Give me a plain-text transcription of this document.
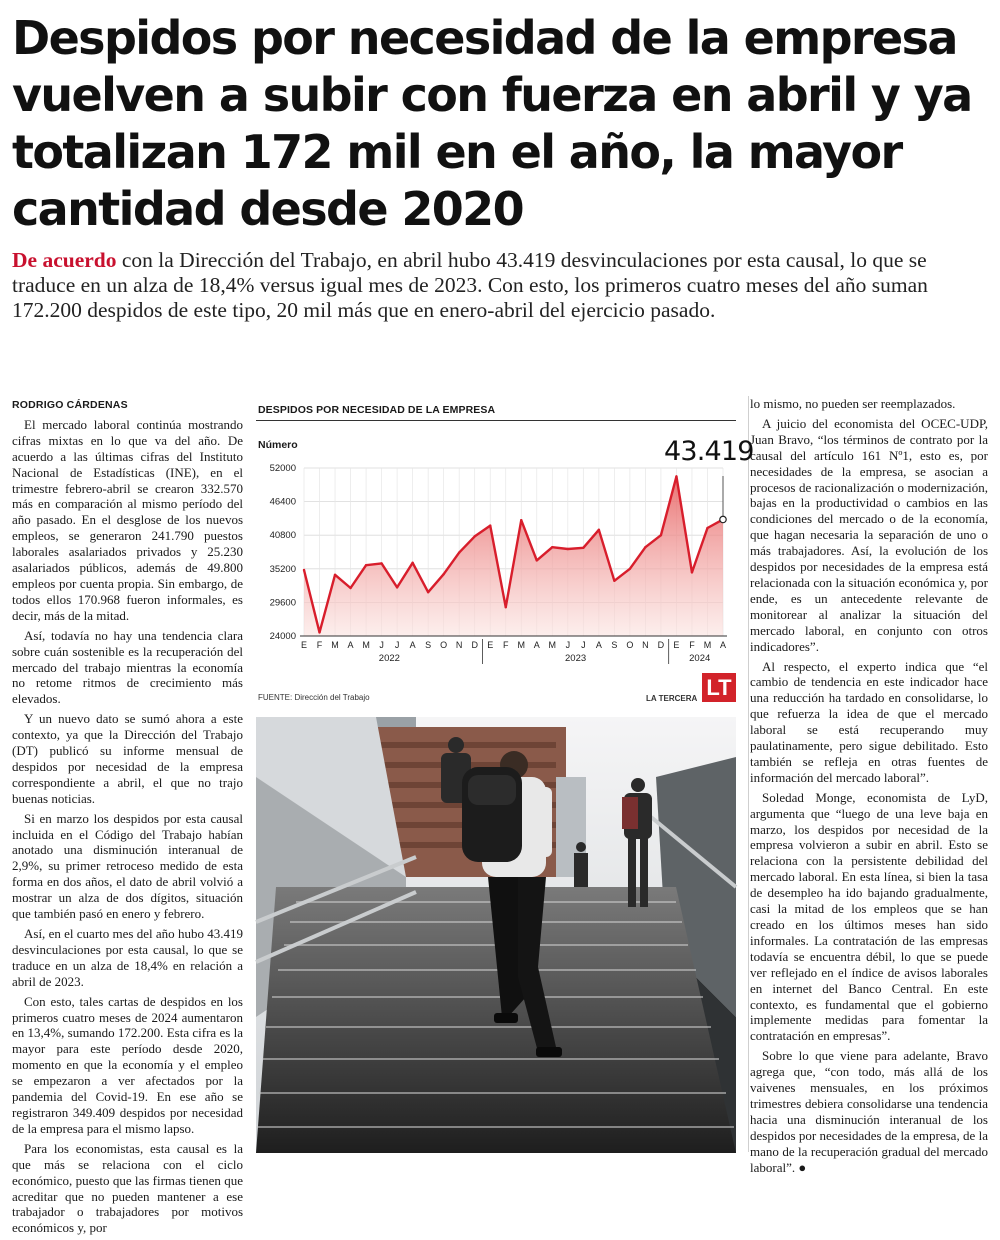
Despidos por necesidad de la empresa vuelven a subir con fuerza en abril y ya totalizan 172 mil en el año, la mayor cantidad desde 2020

De acuerdo con la Dirección del Trabajo, en abril hubo 43.419 desvinculaciones por esta causal, lo que se traduce en un alza de 18,4% versus igual mes de 2023. Con esto, los primeros cuatro meses del año suman 172.200 despidos de este tipo, 20 mil más que en enero-abril del ejercicio pasado.

RODRIGO CÁRDENAS

El mercado laboral continúa mostrando cifras mixtas en lo que va del año. De acuerdo a las últimas cifras del Instituto Nacional de Estadísticas (INE), en el trimestre febrero-abril se crearon 332.570 más en comparación al mismo período del año pasado. En el desglose de los nuevos empleos, se generaron 241.790 puestos laborales asalariados privados y 25.230 asalariados públicos, además de 49.800 empleos por cuenta propia. Sin embargo, de todos ellos 170.968 fueron informales, es decir, más de la mitad.

Así, todavía no hay una tendencia clara sobre cuán sostenible es la recuperación del mercado del trabajo mientras la economía no retome ritmos de crecimiento más elevados.

Y un nuevo dato se sumó ahora a este contexto, ya que la Dirección del Trabajo (DT) publicó su informe mensual de despidos por necesidad de la empresa correspondiente a abril, el que no trajo buenas noticias.

Si en marzo los despidos por esta causal incluida en el Código del Trabajo habían anotado una disminución interanual de 2,9%, su primer retroceso medido de esta forma en dos años, el dato de abril volvió a mostrar un alza de dos dígitos, situación que también pasó en enero y febrero.

Así, en el cuarto mes del año hubo 43.419 desvinculaciones por esta causal, lo que se traduce en un alza de 18,4% en relación a abril de 2023.

Con esto, tales cartas de despidos en los primeros cuatro meses de 2024 aumentaron en 13,4%, sumando 172.200. Esta cifra es la mayor para este período desde 2020, momento en que la economía y el empleo se empezaron a ver afectados por la pandemia del Covid-19. En ese año se registraron 349.409 despidos por necesidad de la empresa para el mismo lapso.

Para los economistas, esta causal es la que más se relaciona con el ciclo económico, puesto que las firmas tienen que acreditar que no pueden mantener a ese trabajador o trabajadores por motivos económicos y, por

DESPIDOS POR NECESIDAD DE LA EMPRESA
Número
52000
46400
40800
35200
29600
24000
E F M A M J J A S O N D E F M A M J J A S O N D E F M A
2022	2023	2024
43.419
FUENTE: Dirección del Trabajo	LA TERCERA LT

lo mismo, no pueden ser reemplazados.

A juicio del economista del OCEC-UDP, Juan Bravo, “los términos de contrato por la causal del artículo 161 Nº1, esto es, por necesidades de la empresa, se asocian a procesos de racionalización o modernización, bajas en la productividad o cambios en las condiciones del mercado o de la economía, que hagan necesaria la separación de uno o más trabajadores. Así, la evolución de los despidos por necesidades de la empresa está relacionada con la situación económica y, por ende, es un antecedente relevante de monitorear al analizar la situación del mercado laboral, en conjunto con otros indicadores”.

Al respecto, el experto indica que “el cambio de tendencia en este indicador hace una reducción ha tardado en consolidarse, lo que refuerza la idea de que el mercado laboral se está recuperando muy paulatinamente, pero sigue debilitado. Esto también se refleja en otras fuentes de información del mercado laboral”.

Soledad Monge, economista de LyD, argumenta que “luego de una leve baja en marzo, los despidos por necesidad de la empresa volvieron a subir en abril. Esto se relaciona con la persistente debilidad del mercado laboral. En esta línea, si bien la tasa de desempleo ha ido bajando gradualmente, casi la mitad de los empleos que se han creado en los últimos meses han sido informales. La contratación de las empresas todavía se encuentra débil, lo que se puede ver reflejado en el índice de avisos laborales en internet del Banco Central. En este contexto, es fundamental que el gobierno implemente medidas para fomentar la contratación en empresas”.

Sobre lo que viene para adelante, Bravo agrega que, “con todo, más allá de los vaivenes mensuales, en los próximos trimestres debiera consolidarse una tendencia hacia una disminución interanual de los despidos por necesidades de la empresa, de la mano de la recuperación gradual del mercado laboral”. ●
